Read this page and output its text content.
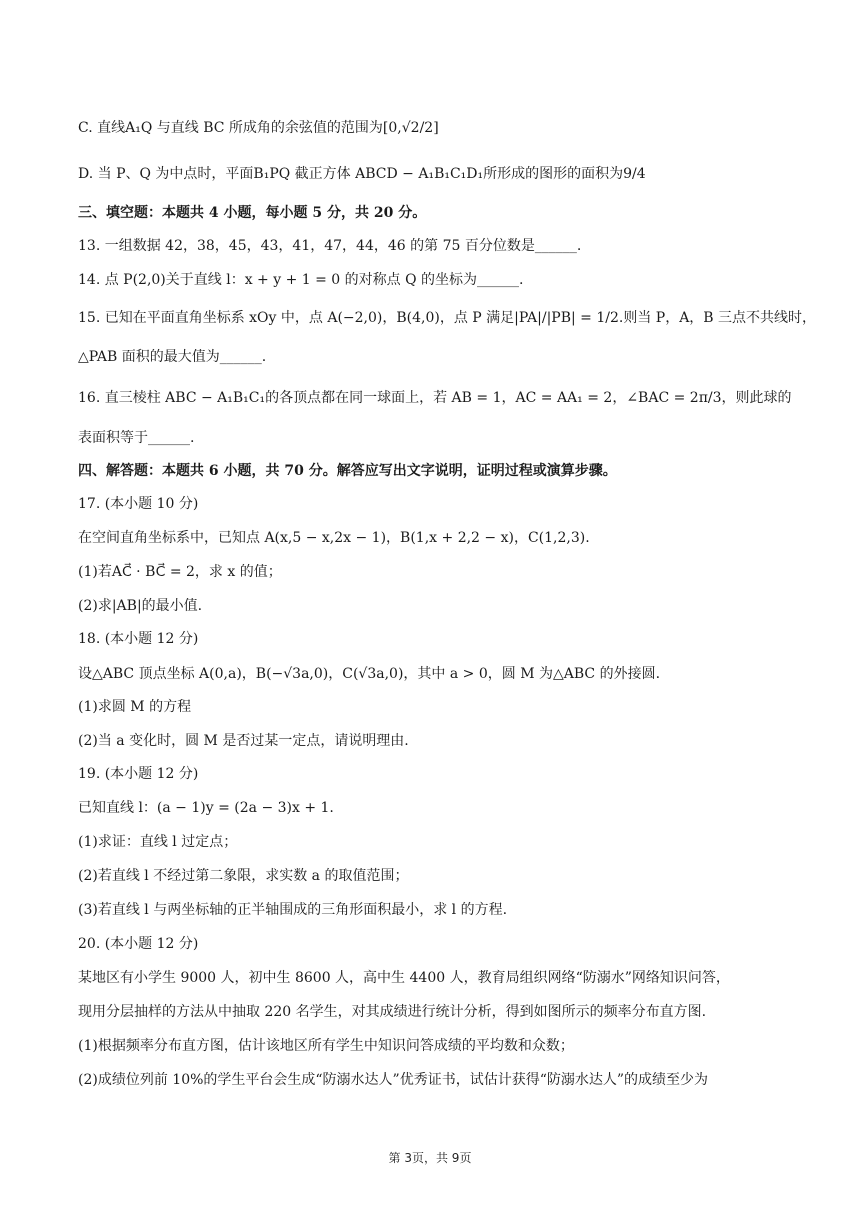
C. 直线A₁Q 与直线 BC 所成角的余弦值的范围为[0,√2/2]
D. 当 P、Q 为中点时，平面B₁PQ 截正方体 ABCD − A₁B₁C₁D₁所形成的图形的面积为9/4
三、填空题：本题共 4 小题，每小题 5 分，共 20 分。
13. 一组数据 42，38，45，43，41，47，44，46 的第 75 百分位数是______.
14. 点 P(2,0)关于直线 l：x + y + 1 = 0 的对称点 Q 的坐标为______.
15. 已知在平面直角坐标系 xOy 中，点 A(−2,0)，B(4,0)，点 P 满足|PA|/|PB| = 1/2.则当 P，A，B 三点不共线时，
△PAB 面积的最大值为______.
16. 直三棱柱 ABC − A₁B₁C₁的各顶点都在同一球面上，若 AB = 1，AC = AA₁ = 2，∠BAC = 2π/3，则此球的
表面积等于______.
四、解答题：本题共 6 小题，共 70 分。解答应写出文字说明，证明过程或演算步骤。
17. (本小题 10 分)
在空间直角坐标系中，已知点 A(x,5 − x,2x − 1)，B(1,x + 2,2 − x)，C(1,2,3).
(1)若AC⃗ · BC⃗ = 2，求 x 的值；
(2)求|AB|的最小值.
18. (本小题 12 分)
设△ABC 顶点坐标 A(0,a)，B(−√3a,0)，C(√3a,0)，其中 a > 0，圆 M 为△ABC 的外接圆.
(1)求圆 M 的方程
(2)当 a 变化时，圆 M 是否过某一定点，请说明理由.
19. (本小题 12 分)
已知直线 l：(a − 1)y = (2a − 3)x + 1.
(1)求证：直线 l 过定点；
(2)若直线 l 不经过第二象限，求实数 a 的取值范围；
(3)若直线 l 与两坐标轴的正半轴围成的三角形面积最小，求 l 的方程.
20. (本小题 12 分)
某地区有小学生 9000 人，初中生 8600 人，高中生 4400 人，教育局组织网络“防溺水”网络知识问答，
现用分层抽样的方法从中抽取 220 名学生，对其成绩进行统计分析，得到如图所示的频率分布直方图.
(1)根据频率分布直方图，估计该地区所有学生中知识问答成绩的平均数和众数；
(2)成绩位列前 10%的学生平台会生成“防溺水达人”优秀证书，试估计获得“防溺水达人”的成绩至少为
第 3页，共 9页
